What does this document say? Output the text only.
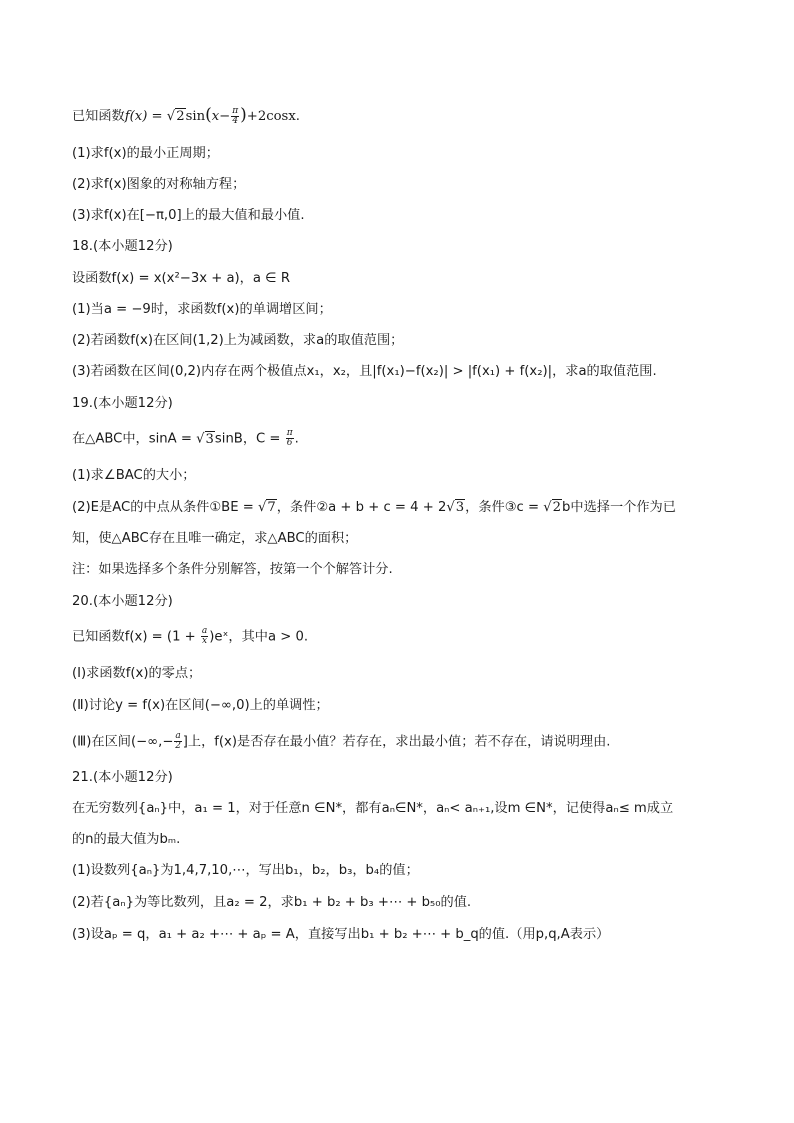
已知函数$f(x) = √2\sin(x- \frac{\pi}{4} )+2\cos x$.
(1)求f(x)的最小正周期；
(2)求f(x)图象的对称轴方程；
(3)求f(x)在[−π,0]上的最大值和最小值.
18.(本小题12分)
设函数f(x) = x(x²−3x + a)，a ∈ R
(1)当a = −9时，求函数f(x)的单调增区间；
(2)若函数f(x)在区间(1,2)上为减函数，求a的取值范围；
(3)若函数在区间(0,2)内存在两个极值点x₁，x₂，且|f(x₁)−f(x₂)| > |f(x₁) + f(x₂)|，求a的取值范围.
19.(本小题12分)
在△ABC中，sinA = √3sinB，$C = \frac{\pi}{6}$ .
(1)求∠BAC的大小；
(2)E是AC的中点从条件①BE = √7，条件②a + b + c = 4 + 2√3，条件③c = √2b中选择一个作为已
知，使△ABC存在且唯一确定，求△ABC的面积；
注：如果选择多个条件分别解答，按第一个个解答计分.
20.(本小题12分)
已知函数$f(x) = (1 + \frac{a}{x}$ )eˣ，其中a > 0.
(Ⅰ)求函数f(x)的零点；
(Ⅱ)讨论y = f(x)在区间(−∞,0)上的单调性；
(Ⅲ)在区间(−∞,− $\frac{a}{2}$ ]上，f(x)是否存在最小值？若存在，求出最小值；若不存在，请说明理由.
21.(本小题12分)
在无穷数列{aₙ}中，a₁ = 1，对于任意n ∈N*，都有aₙ∈N*，aₙ< aₙ₊₁,设m ∈N*，记使得aₙ≤ m成立
的n的最大值为bₘ.
(1)设数列{aₙ}为1,4,7,10,⋯，写出b₁，b₂，b₃，b₄的值；
(2)若{aₙ}为等比数列，且a₂ = 2，求b₁ + b₂ + b₃ +⋯ + b₅₀的值.
(3)设aₚ = q，a₁ + a₂ +⋯ + aₚ = A，直接写出b₁ + b₂ +⋯ + b_q的值.（用p,q,A表示）
